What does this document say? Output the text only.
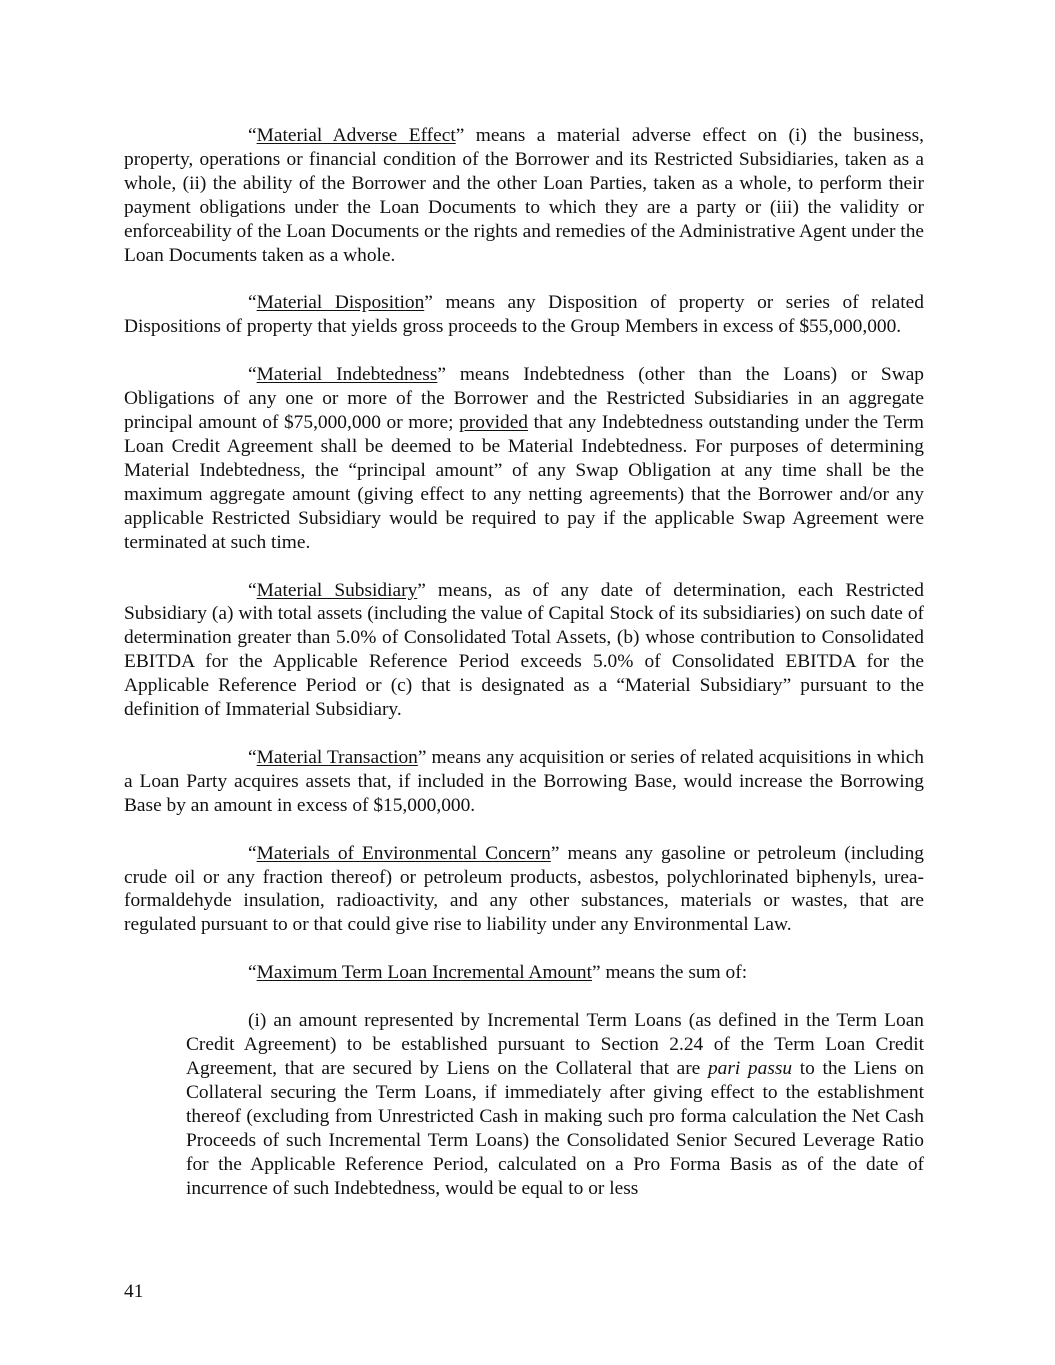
“Material Adverse Effect” means a material adverse effect on (i) the business, property, operations or financial condition of the Borrower and its Restricted Subsidiaries, taken as a whole, (ii) the ability of the Borrower and the other Loan Parties, taken as a whole, to perform their payment obligations under the Loan Documents to which they are a party or (iii) the validity or enforceability of the Loan Documents or the rights and remedies of the Administrative Agent under the Loan Documents taken as a whole.

“Material Disposition” means any Disposition of property or series of related Dispositions of property that yields gross proceeds to the Group Members in excess of $55,000,000.

“Material Indebtedness” means Indebtedness (other than the Loans) or Swap Obligations of any one or more of the Borrower and the Restricted Subsidiaries in an aggregate principal amount of $75,000,000 or more; provided that any Indebtedness outstanding under the Term Loan Credit Agreement shall be deemed to be Material Indebtedness. For purposes of determining Material Indebtedness, the “principal amount” of any Swap Obligation at any time shall be the maximum aggregate amount (giving effect to any netting agreements) that the Borrower and/or any applicable Restricted Subsidiary would be required to pay if the applicable Swap Agreement were terminated at such time.

“Material Subsidiary” means, as of any date of determination, each Restricted Subsidiary (a) with total assets (including the value of Capital Stock of its subsidiaries) on such date of determination greater than 5.0% of Consolidated Total Assets, (b) whose contribution to Consolidated EBITDA for the Applicable Reference Period exceeds 5.0% of Consolidated EBITDA for the Applicable Reference Period or (c) that is designated as a “Material Subsidiary” pursuant to the definition of Immaterial Subsidiary.

“Material Transaction” means any acquisition or series of related acquisitions in which a Loan Party acquires assets that, if included in the Borrowing Base, would increase the Borrowing Base by an amount in excess of $15,000,000.

“Materials of Environmental Concern” means any gasoline or petroleum (including crude oil or any fraction thereof) or petroleum products, asbestos, polychlorinated biphenyls, urea-formaldehyde insulation, radioactivity, and any other substances, materials or wastes, that are regulated pursuant to or that could give rise to liability under any Environmental Law.

“Maximum Term Loan Incremental Amount” means the sum of:

(i) an amount represented by Incremental Term Loans (as defined in the Term Loan Credit Agreement) to be established pursuant to Section 2.24 of the Term Loan Credit Agreement, that are secured by Liens on the Collateral that are pari passu to the Liens on Collateral securing the Term Loans, if immediately after giving effect to the establishment thereof (excluding from Unrestricted Cash in making such pro forma calculation the Net Cash Proceeds of such Incremental Term Loans) the Consolidated Senior Secured Leverage Ratio for the Applicable Reference Period, calculated on a Pro Forma Basis as of the date of incurrence of such Indebtedness, would be equal to or less

41
